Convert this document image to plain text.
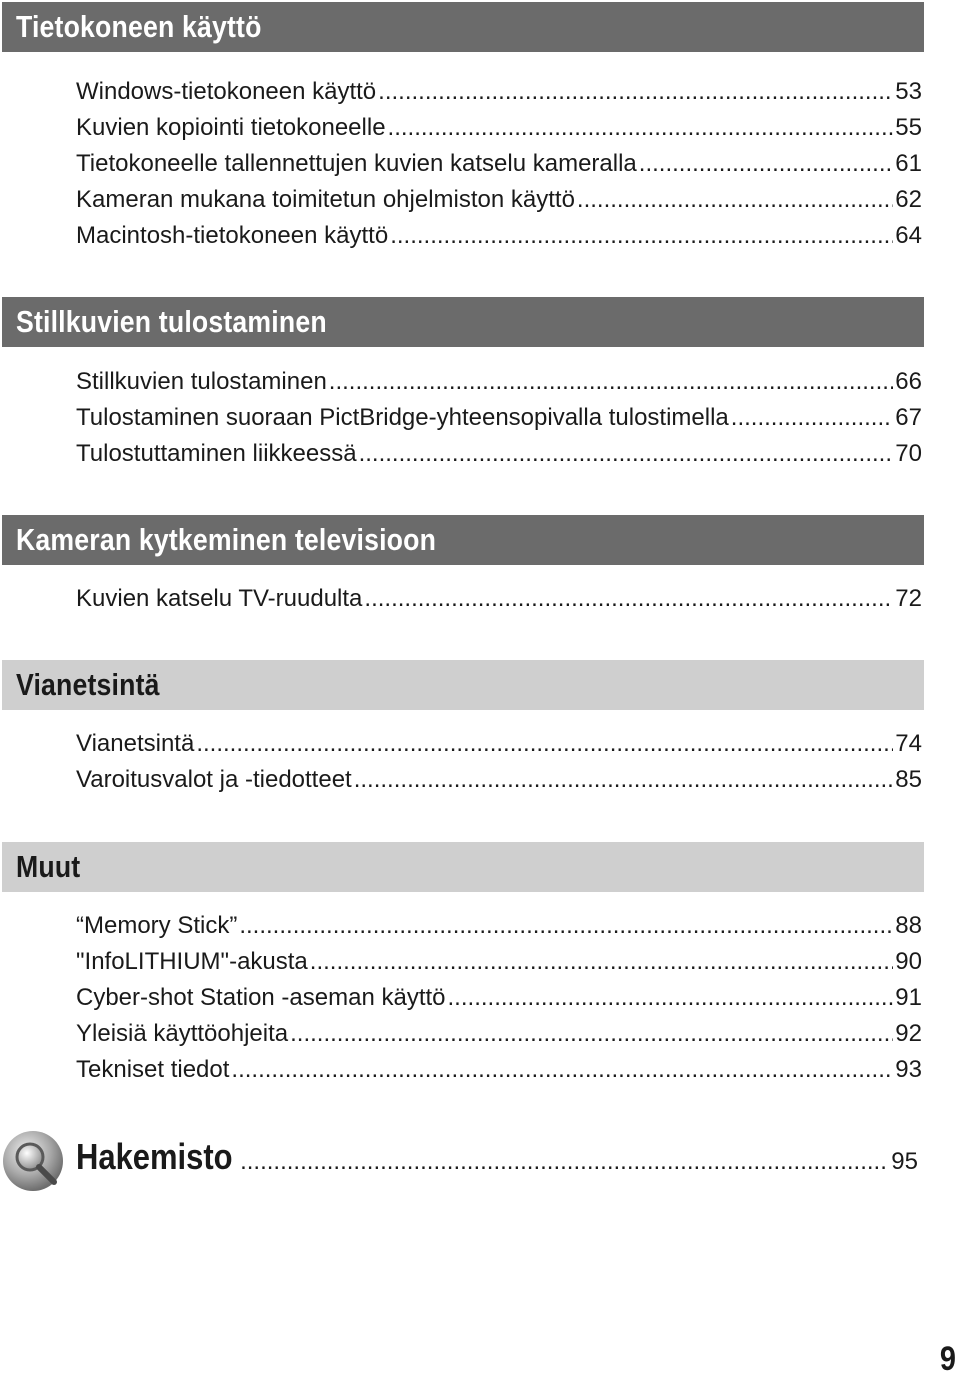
Tietokoneen käyttö
Windows-tietokoneen käyttö .....	53
Kuvien kopiointi tietokoneelle .....	55
Tietokoneelle tallennettujen kuvien katselu kameralla .....	61
Kameran mukana toimitetun ohjelmiston käyttö .....	62
Macintosh-tietokoneen käyttö .....	64
Stillkuvien tulostaminen
Stillkuvien tulostaminen .....	66
Tulostaminen suoraan PictBridge-yhteensopivalla tulostimella .....	67
Tulostuttaminen liikkeessä .....	70
Kameran kytkeminen televisioon
Kuvien katselu TV-ruudulta .....	72
Vianetsintä
Vianetsintä .....	74
Varoitusvalot ja -tiedotteet .....	85
Muut
“Memory Stick” .....	88
"InfoLITHIUM"-akusta .....	90
Cyber-shot Station -aseman käyttö .....	91
Yleisiä käyttöohjeita .....	92
Tekniset tiedot .....	93
Hakemisto .....	95
9
